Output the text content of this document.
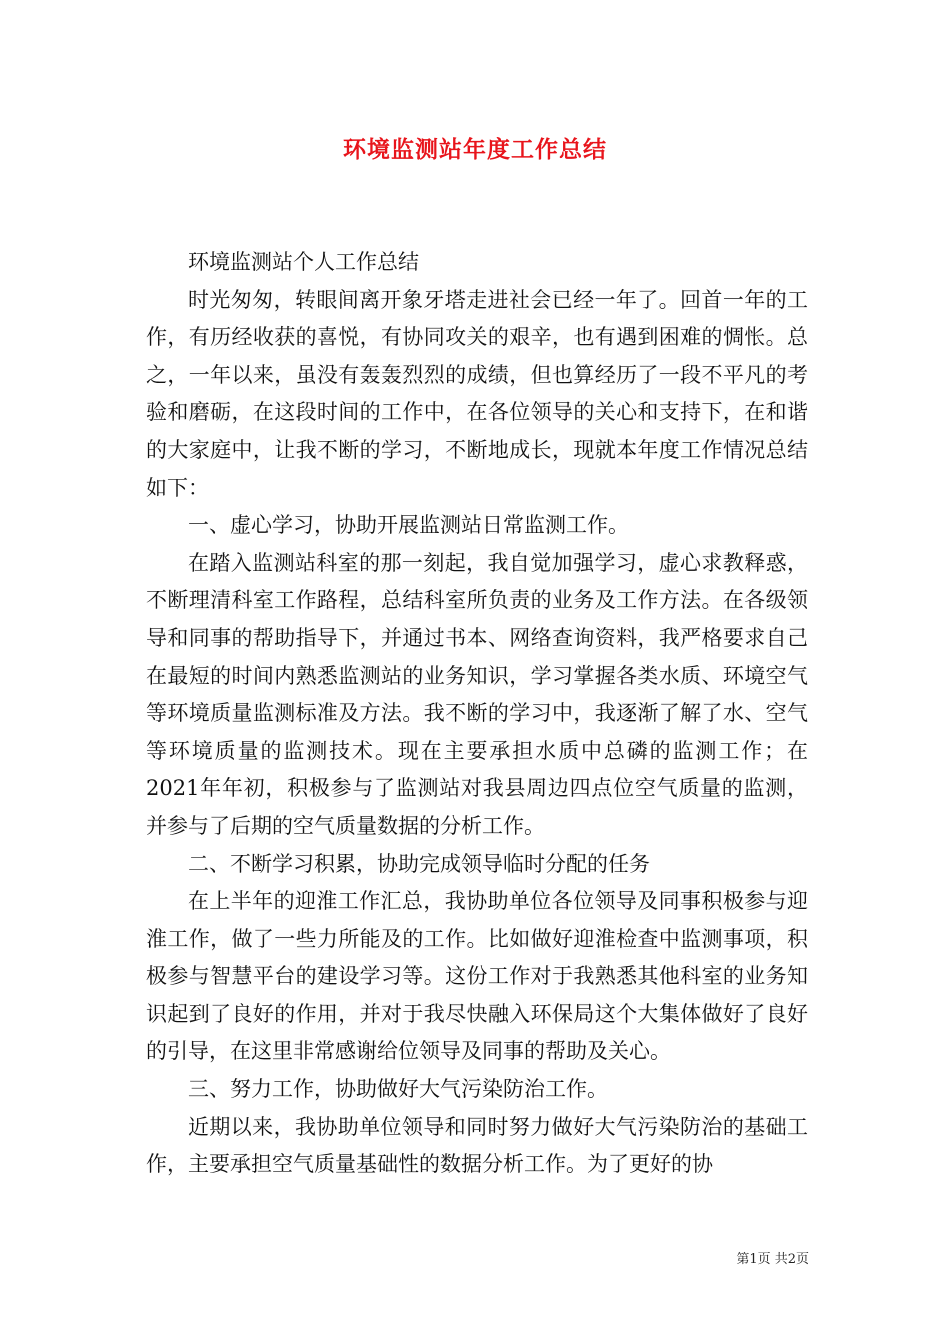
环境监测站年度工作总结

环境监测站个人工作总结

时光匆匆，转眼间离开象牙塔走进社会已经一年了。回首一年的工作，有历经收获的喜悦，有协同攻关的艰辛，也有遇到困难的惆怅。总之，一年以来，虽没有轰轰烈烈的成绩，但也算经历了一段不平凡的考验和磨砺，在这段时间的工作中，在各位领导的关心和支持下，在和谐的大家庭中，让我不断的学习，不断地成长，现就本年度工作情况总结如下：

一、虚心学习，协助开展监测站日常监测工作。

在踏入监测站科室的那一刻起，我自觉加强学习，虚心求教释惑，不断理清科室工作路程，总结科室所负责的业务及工作方法。在各级领导和同事的帮助指导下，并通过书本、网络查询资料，我严格要求自己在最短的时间内熟悉监测站的业务知识，学习掌握各类水质、环境空气等环境质量监测标准及方法。我不断的学习中，我逐渐了解了水、空气等环境质量的监测技术。现在主要承担水质中总磷的监测工作；在2021年年初，积极参与了监测站对我县周边四点位空气质量的监测，并参与了后期的空气质量数据的分析工作。

二、不断学习积累，协助完成领导临时分配的任务

在上半年的迎淮工作汇总，我协助单位各位领导及同事积极参与迎淮工作，做了一些力所能及的工作。比如做好迎淮检查中监测事项，积极参与智慧平台的建设学习等。这份工作对于我熟悉其他科室的业务知识起到了良好的作用，并对于我尽快融入环保局这个大集体做好了良好的引导，在这里非常感谢给位领导及同事的帮助及关心。

三、努力工作，协助做好大气污染防治工作。

近期以来，我协助单位领导和同时努力做好大气污染防治的基础工作，主要承担空气质量基础性的数据分析工作。为了更好的协

第1页 共2页
